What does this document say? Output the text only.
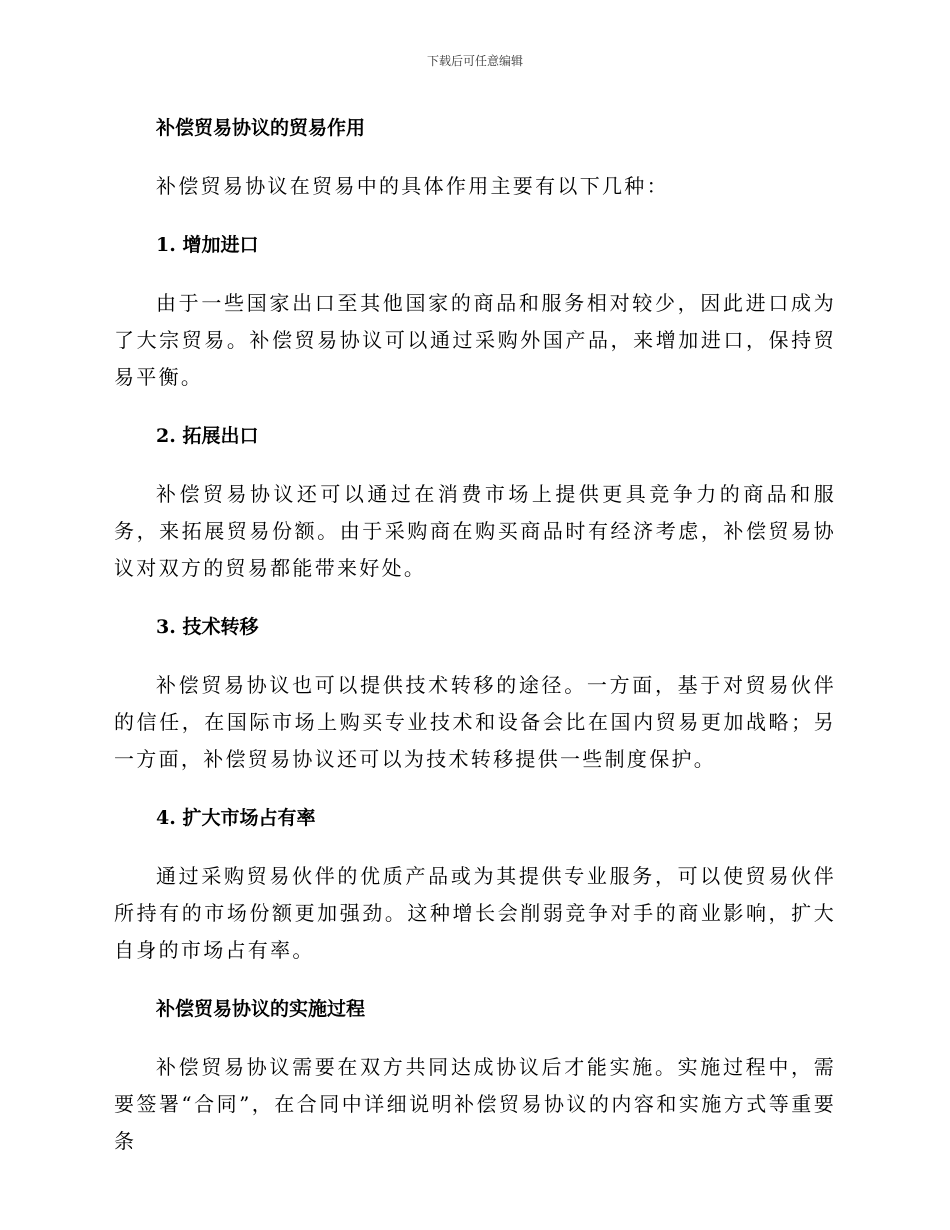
下载后可任意编辑
补偿贸易协议的贸易作用

补偿贸易协议在贸易中的具体作用主要有以下几种：

1. 增加进口

由于一些国家出口至其他国家的商品和服务相对较少，因此进口成为了大宗贸易。补偿贸易协议可以通过采购外国产品，来增加进口，保持贸易平衡。

2. 拓展出口

补偿贸易协议还可以通过在消费市场上提供更具竞争力的商品和服务，来拓展贸易份额。由于采购商在购买商品时有经济考虑，补偿贸易协议对双方的贸易都能带来好处。

3. 技术转移

补偿贸易协议也可以提供技术转移的途径。一方面，基于对贸易伙伴的信任，在国际市场上购买专业技术和设备会比在国内贸易更加战略；另一方面，补偿贸易协议还可以为技术转移提供一些制度保护。

4. 扩大市场占有率

通过采购贸易伙伴的优质产品或为其提供专业服务，可以使贸易伙伴所持有的市场份额更加强劲。这种增长会削弱竞争对手的商业影响，扩大自身的市场占有率。

补偿贸易协议的实施过程

补偿贸易协议需要在双方共同达成协议后才能实施。实施过程中，需要签署“合同”，在合同中详细说明补偿贸易协议的内容和实施方式等重要条
